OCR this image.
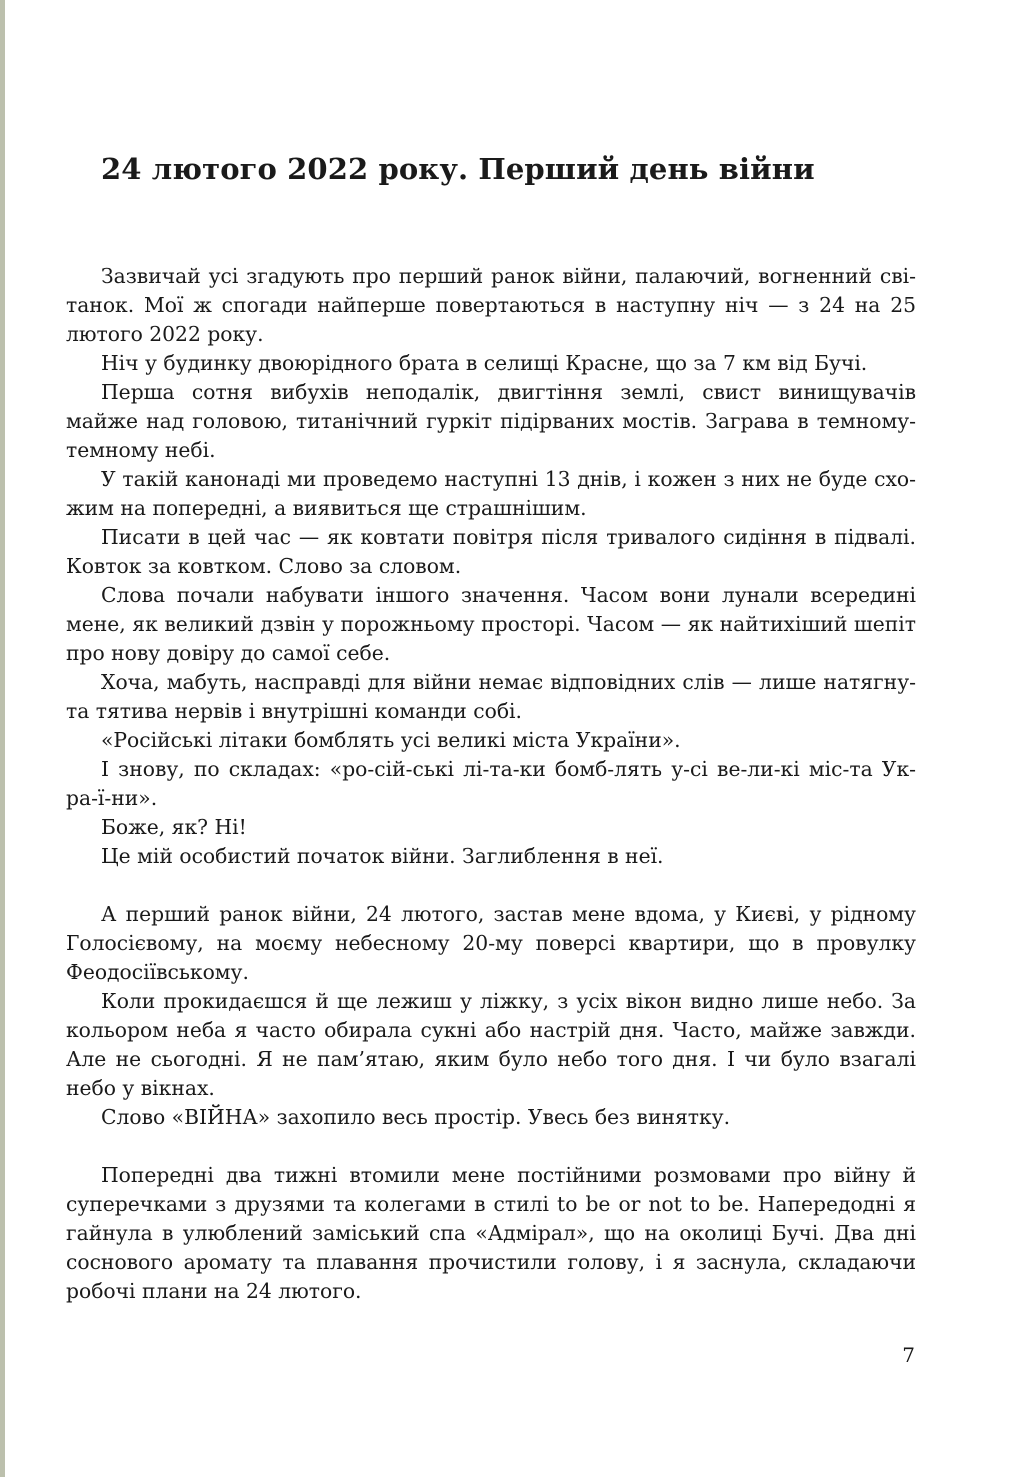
24 лютого 2022 року. Перший день війни

Зазвичай усі згадують про перший ранок війни, палаючий, вогненний світанок. Мої ж спогади найперше повертаються в наступну ніч — з 24 на 25 лютого 2022 року.

Ніч у будинку двоюрідного брата в селищі Красне, що за 7 км від Бучі.

Перша сотня вибухів неподалік, двигтіння землі, свист винищувачів майже над головою, титанічний гуркіт підірваних мостів. Заграва в темному-темному небі.

У такій канонаді ми проведемо наступні 13 днів, і кожен з них не буде схожим на попередні, а виявиться ще страшнішим.

Писати в цей час — як ковтати повітря після тривалого сидіння в підвалі. Ковток за ковтком. Слово за словом.

Слова почали набувати іншого значення. Часом вони лунали всередині мене, як великий дзвін у порожньому просторі. Часом — як найтихіший шепіт про нову довіру до самої себе.

Хоча, мабуть, насправді для війни немає відповідних слів — лише натягнута тятива нервів і внутрішні команди собі.

«Російські літаки бомблять усі великі міста України».

І знову, по складах: «ро-сій-ські лі-та-ки бомб-лять у-сі ве-ли-кі міс-та Ук-ра-ї-ни».

Боже, як? Ні!

Це мій особистий початок війни. Заглиблення в неї.

А перший ранок війни, 24 лютого, застав мене вдома, у Києві, у рідному Голосієвому, на моєму небесному 20-му поверсі квартири, що в провулку Феодосіївському.

Коли прокидаєшся й ще лежиш у ліжку, з усіх вікон видно лише небо. За кольором неба я часто обирала сукні або настрій дня. Часто, майже завжди. Але не сьогодні. Я не пам’ятаю, яким було небо того дня. І чи було взагалі небо у вікнах.

Слово «ВІЙНА» захопило весь простір. Увесь без винятку.

Попередні два тижні втомили мене постійними розмовами про війну й суперечками з друзями та колегами в стилі to be or not to be. Напередодні я гайнула в улюблений заміський спа «Адмірал», що на околиці Бучі. Два дні соснового аромату та плавання прочистили голову, і я заснула, складаючи робочі плани на 24 лютого.

7
